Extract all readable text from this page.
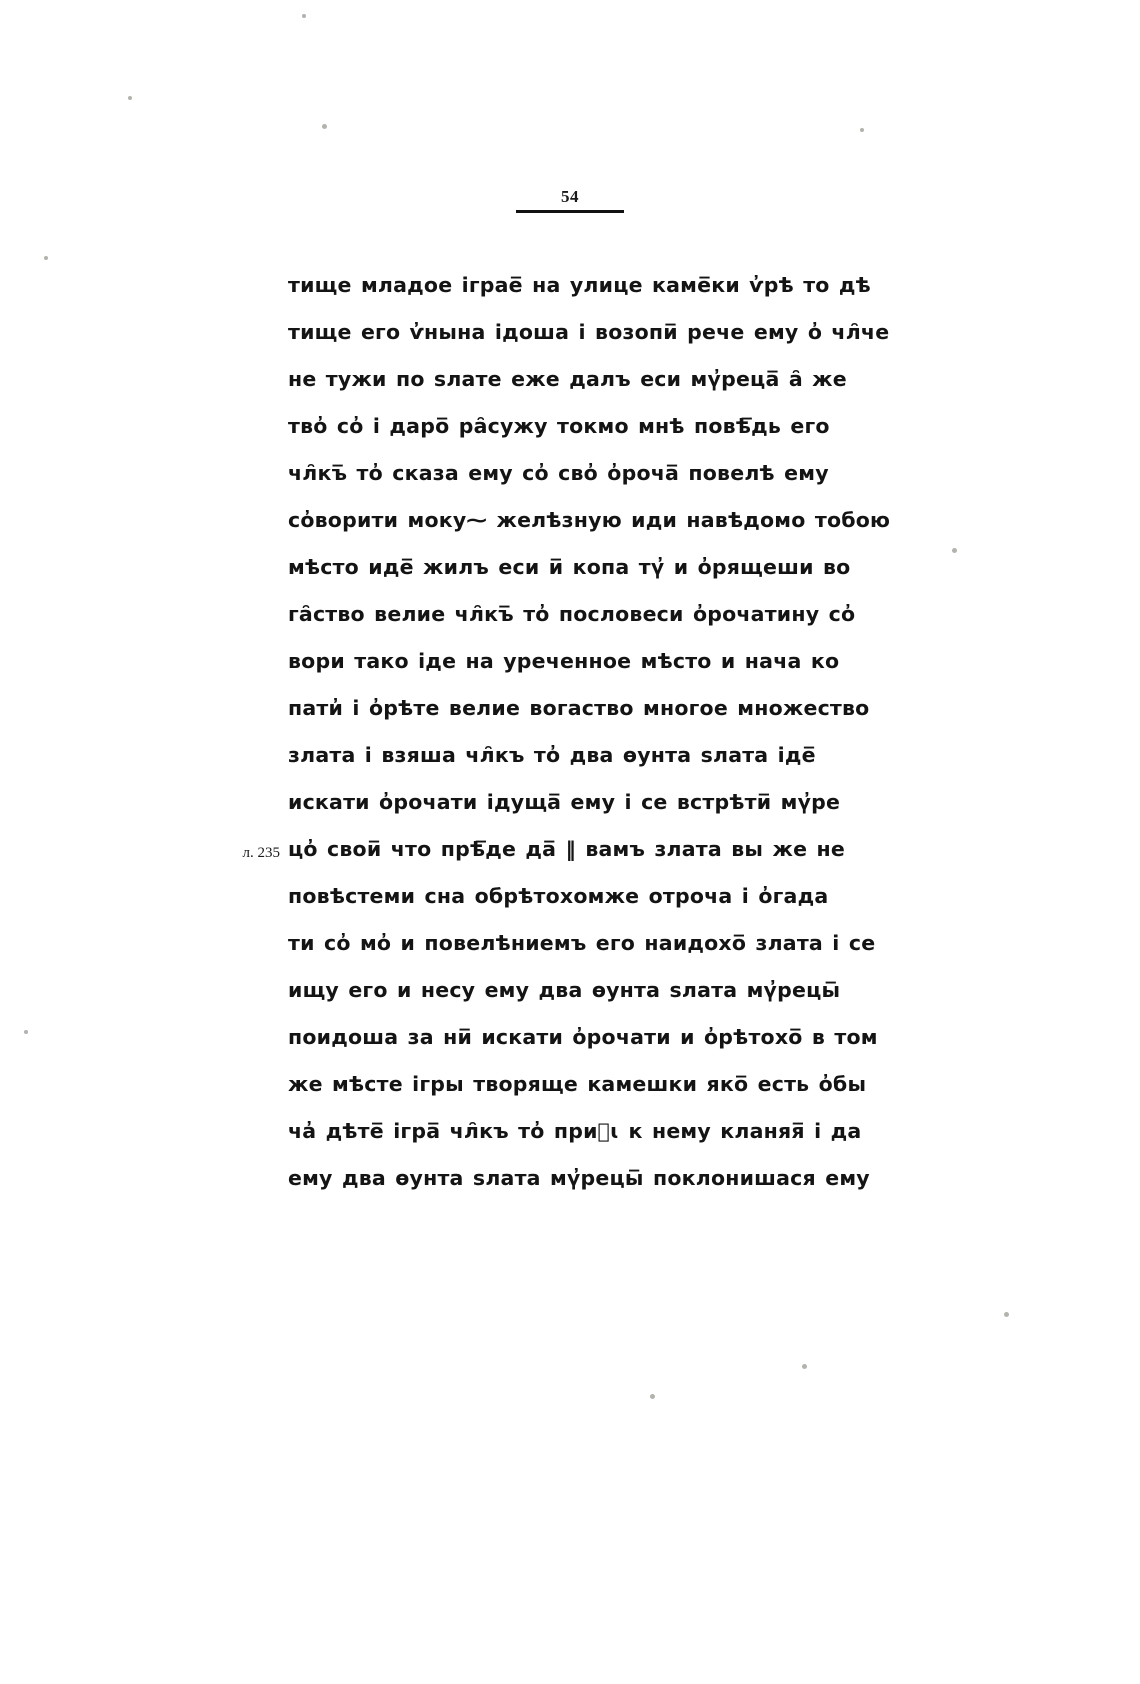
54
л. 235
тище младое іграе̅ на улице каме̅ки ѵ̓рѣ то дѣ
тище его ѵ̓нына ідоша і возопи̅ рече ему о̓ чл̑че
не тужи по sлате еже далъ еси мү̓реца̅ а̑ же
тво̓ со̓ і даро̅ ра̑сужу токмо мнѣ повѣ̅дь его
чл̑къ̅ то̓ сказа ему со̓ сво̓ о̓роча̅ повелѣ ему
со̓ворити моку⁓ желѣзную иди навѣдомо тобою
мѣсто иде̅ жилъ еси и̅ копа тү̓ и о̓рящеши во
га̑ство велие чл̑къ̅ то̓ пословеси о̓рочатину со̓
вори тако іде на уреченное мѣсто и нача ко
пати̓ і о̓рѣте велие вогаство многое множество
злата і взяша чл̑къ то̓ два ѳунта sлата іде̅
искати о̓рочати ідуща̅ ему і се встрѣти̅ мү̓ре
цо̓ свои̅ что прѣ̅де да̅ ‖ вамъ злата вы же не
повѣстеми сна обрѣтохомже отроча і о̓гада
ти со̓ мо̓ и повелѣниемъ его наидохо̅ злата і се
ищу его и несу ему два ѳунта sлата мү̓рецы̅
поидоша за ни̅ искати о̓рочати и о̓рѣтохо̅ в том
же мѣсте ігры творяще камешки яко̅ есть о̓бы
ча̓ дѣте̅ ігра̅ чл̑къ то̓ при꙰ꙇ к нему кланяя̅ і да
ему два ѳунта sлата мү̓рецы̅ поклонишася ему
